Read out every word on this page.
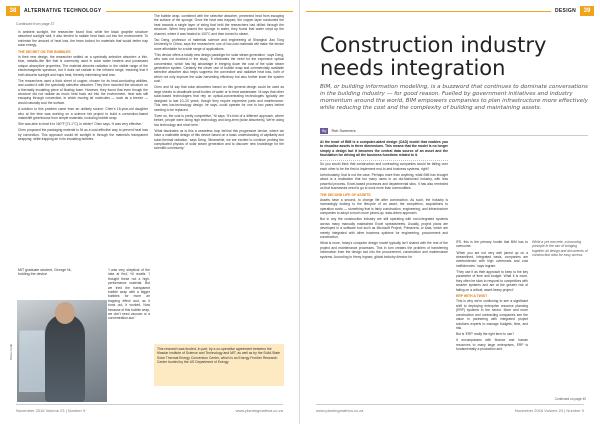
38	ALTERNATIVE TECHNOLOGY
Continued from page 37

in ambient sunlight, the researcher found that, while the black graphite structure absorbed sunlight well, it also tended to radiate heat back out into the environment. To minimise the amount of heat loss, the team looked for materials that would better trap solar energy.

THE SECRET ON THE BUBBLES

In their new design, the researcher settled on a spectrally selective absorber: a thin, blue, metallic-like film that is commonly used in solar water heaters and possesses unique absorptive properties. The material absorbs radiation in the visible range of the electromagnetic spectrum, but it does not radiate in the infrared range, meaning that it both absorbs sunlight and traps heat, thereby minimising heat loss.

The researchers used a thick sheet of copper, chosen for its heat-conducting abilities, and coated it with the spectrally selective absorber. They then mounted the structure on a thermally insulating piece of floating foam. However, they found that even though the structure did not radiate as much heat back out into the environment, heat was still escaping through convection, in which moving air molecules — such as a breeze — would naturally cool the surface.

A solution to this problem came from an unlikely source: Chen's 16-year-old daughter who at the time was working on a science fair project to build a convection-based makeshift greenhouse from simple materials, including bubble wrap.

She was able to heat it to 160°F [71.1°C], in winter!' Chen says. 'It was very effective.'

Chen proposed the packaging material to Ni as a cost-effective way to prevent heat loss by convection. This approach would let sunlight in through the material's transparent wrapping, while trapping air in its insulating bubbles.

MIT graduate student, George Ni, holding the device
Photo credit
'I was very skeptical of the idea at first,' Ni recalls. 'I thought these not a high-performance material. But we tried the transparent bubble wrap with a bigger bubbles for more air trapping effect and, as it turns out, it worked. Now because of this bubble wrap, we don't need vacuum or a concentration-sun.'

The bubble wrap, combined with the selective absorber, prevented heat from escaping the surface of the sponge. Once the heat was trapped, the copper layer conducted the heat towards a single layer of string that held the researchers had drilled through the structure. When they placed the sponge in water, they found that water crept up the channel, where it was heated to 100°C and then turned to steam.

Tao Deng, professor of materials science and engineering at Shanghai Jiao Tong University in China, says the researchers' use of low-cost materials will make the device more affordable for a wide range of applications.

'This device offers a totally new design paradigm for solar steam generation,' says Deng, who was not involved in the study. 'It eliminates the need for the expensive optical concentrator, which has big advantage in bringing down the cost of the solar steam generation system. Certainly the clever use of bubble wrap and commercially available selective absorber also helps suppress the convective and radiative heat loss, both of which not only improve the solar harvesting efficiency but also further lower the system cost.'

Chen and Ni say that solar absorbers based on this general design could be used as large sheets to desalinate small bodies of water or to treat wastewater. Ni says that other solar-based technologies that rely on optical-concentrating technologies typically are designed to last 10–20 years, though they require expensive parts and maintenance. This new low-technology design, he says, could operate for one to two years before needing to be replaced.

'Even so, the cost is pretty competitive,' Ni says. 'It's kind of a different approach, where before, people were doing high technology and long-term [solar absorbers]. We're doing low technology and short term.'

'What fascinates us is this a ceaseless loop behind this progressive device, where we have a malleable design of this device based on a basic understanding of capillarity and solar-thermal radiation,' says Deng. 'Meanwhile, we are excited to continue probing the complicated physics of solar steam generation and to discover new knowledge for the scientific community.'

This research was funded, in part, by a co-operative agreement between the Masdar Institute of Science and Technology and MIT, as well as by the Solid-State Solar Thermal Energy Conversion Center, which is an Energy Frontier Research Center funded by the US Department of Energy.
November 2016 Volume 23 | Number 9	www.plantingmafrica.co.za
DESIGN	39
Construction industry
needs integration
BIM, or building information modelling, is a buzzword that continues to dominate conversations in the building industry — for good reason. Fuelled by government initiatives and industry momentum around the world, BIM empowers companies to plan infrastructure more effectively while reducing the cost and the complexity of building and maintaining assets.
By	Rob Summers

At the heart of BIM is a computer-aided design (CAD) model that enables you to visualise assets in three dimensions. This means that the model is no longer simply a design but it becomes the central data source of an asset and the foundation for driving all the business functions related to it.

So you would think that construction and contracting companies would be falling over each other to be the first to implement end-to-end business systems, right?

Unfortunately, that is not the case. Perhaps more than anything, what BIM has brought about is a realisation that too many users in an old-fashioned industry, with less powerful process, Excel-based processes and departmental silos. It has also reminded us that businesses need to go to work more than commodities.

THE SECOND LIFE OF ASSETS

Assets have a second, to change life after construction. As such, the industry is increasingly looking to the lifecycle of an asset, the completion, acquisitions to operation costs — something that is fairly construction, engineering, and infrastructure companies to adopt a much more joined-up, data-driven approach.

But in any the construction industry are still operating with non-integrated systems across many manually maintained Excel spreadsheets. Usually, project plans are developed in a software tool such as Microsoft Project, Primavera, or Asta, which are merely integrated with other business systems for engineering, procurement and construction.

What is more, today's computer design model typically isn't shared with the rest of the project and maintenance processes. This in turn creates the problem of transferring information from the design tool into the procurement, construction and maintenance systems. According to Hewy Ingram, global industry director for

IFS, this is the primary hurdle that BIM has to overcome.

'When you are not very well joined up on a streamlined, integrated basis, companies are overburdened with high overheads and cost inefficiencies,' says Ingram.

'They use it as their approach to keep to the key parameter of time and budget. What it is more, they often be slow to respond to competitors with smarter systems and are at the greater risk of failing on a critical, asset-heavy project.'

ERP WITH A TWIST

This is why we're continuing to see a significant shift to deploying enterprise resource planning (ERP) systems in the sector. More and more construction and contracting companies see the value in partnering with integrated project solutions experts to manage budgets, time, and risk.

But is 'ERP' really the right term to use?

It encompasses with finance and human resources to many large enterprises, ERP is fundamentally a production and

While a yet concrete, a bouncing principle in the aim of bringing together all design and documents of construction data for easy access.
Continued on page 40
www.plantingmafrica.co.za	November 2016 Volume 23 | Number 9
